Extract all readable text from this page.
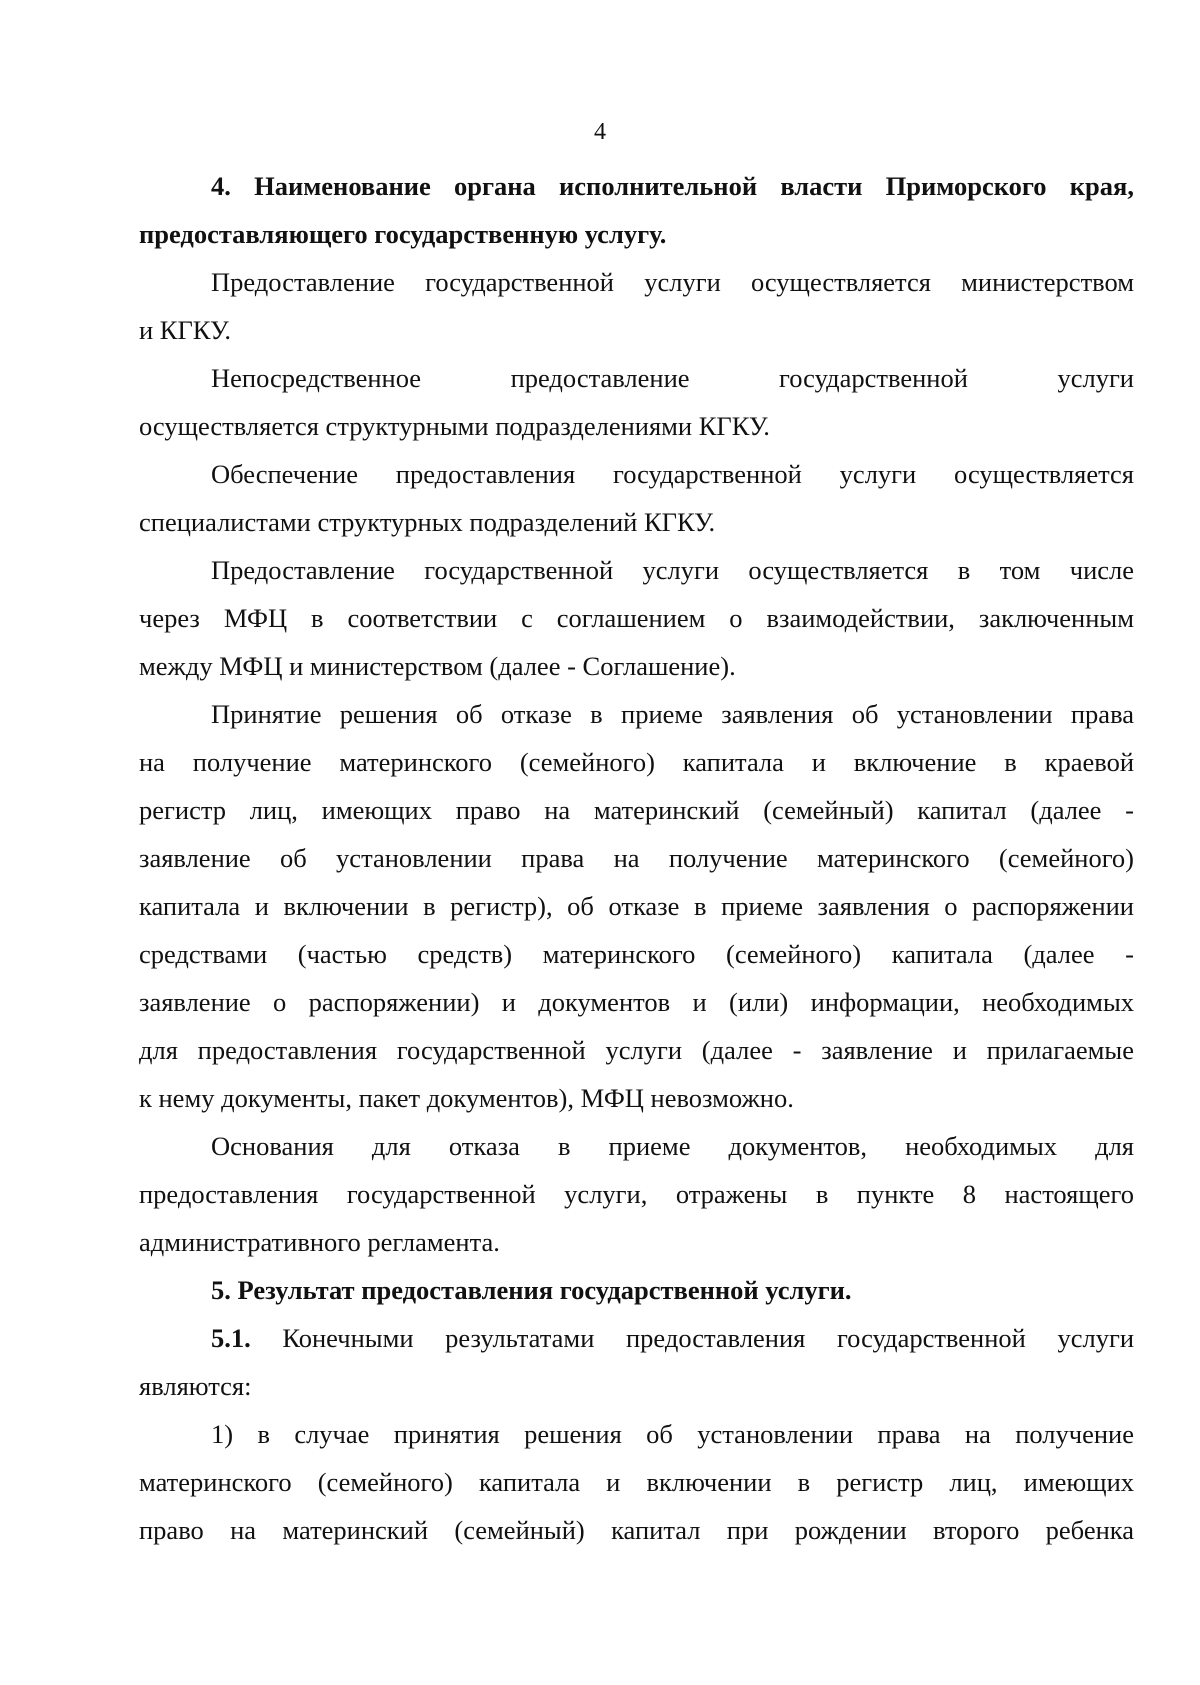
4
4. Наименование органа исполнительной власти Приморского края,
предоставляющего государственную услугу.
Предоставление государственной услуги осуществляется министерством
и КГКУ.
Непосредственное предоставление государственной услуги
осуществляется структурными подразделениями КГКУ.
Обеспечение предоставления государственной услуги осуществляется
специалистами структурных подразделений КГКУ.
Предоставление государственной услуги осуществляется в том числе
через МФЦ в соответствии с соглашением о взаимодействии, заключенным
между МФЦ и министерством (далее - Соглашение).
Принятие решения об отказе в приеме заявления об установлении права
на получение материнского (семейного) капитала и включение в краевой
регистр лиц, имеющих право на материнский (семейный) капитал (далее -
заявление об установлении права на получение материнского (семейного)
капитала и включении в регистр), об отказе в приеме заявления о распоряжении
средствами (частью средств) материнского (семейного) капитала (далее -
заявление о распоряжении) и документов и (или) информации, необходимых
для предоставления государственной услуги (далее - заявление и прилагаемые
к нему документы, пакет документов), МФЦ невозможно.
Основания для отказа в приеме документов, необходимых для
предоставления государственной услуги, отражены в пункте 8 настоящего
административного регламента.
5. Результат предоставления государственной услуги.
5.1. Конечными результатами предоставления государственной услуги
являются:
1) в случае принятия решения об установлении права на получение
материнского (семейного) капитала и включении в регистр лиц, имеющих
право на материнский (семейный) капитал при рождении второго ребенка
